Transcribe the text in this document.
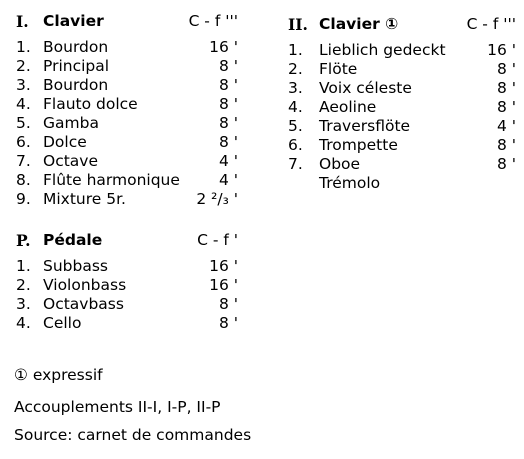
I. Clavier	C - f '''
1. Bourdon	16 '
2. Principal	8 '
3. Bourdon	8 '
4. Flauto dolce	8 '
5. Gamba	8 '
6. Dolce	8 '
7. Octave	4 '
8. Flûte harmonique	4 '
9. Mixture 5r.	2 ²/₃ '
II. Clavier ①	C - f '''
1.	Lieblich gedeckt	16 '
2.	Flöte	8 '
3.	Voix céleste	8 '
4.	Aeoline	8 '
5.	Traversflöte	4 '
6.	Trompette	8 '
7.	Oboe	8 '
Trémolo
P. Pédale	C - f '
1. Subbass	16 '
2. Violonbass	16 '
3. Octavbass	8 '
4. Cello	8 '
① expressif
Accouplements II-I, I-P, II-P
Source: carnet de commandes
